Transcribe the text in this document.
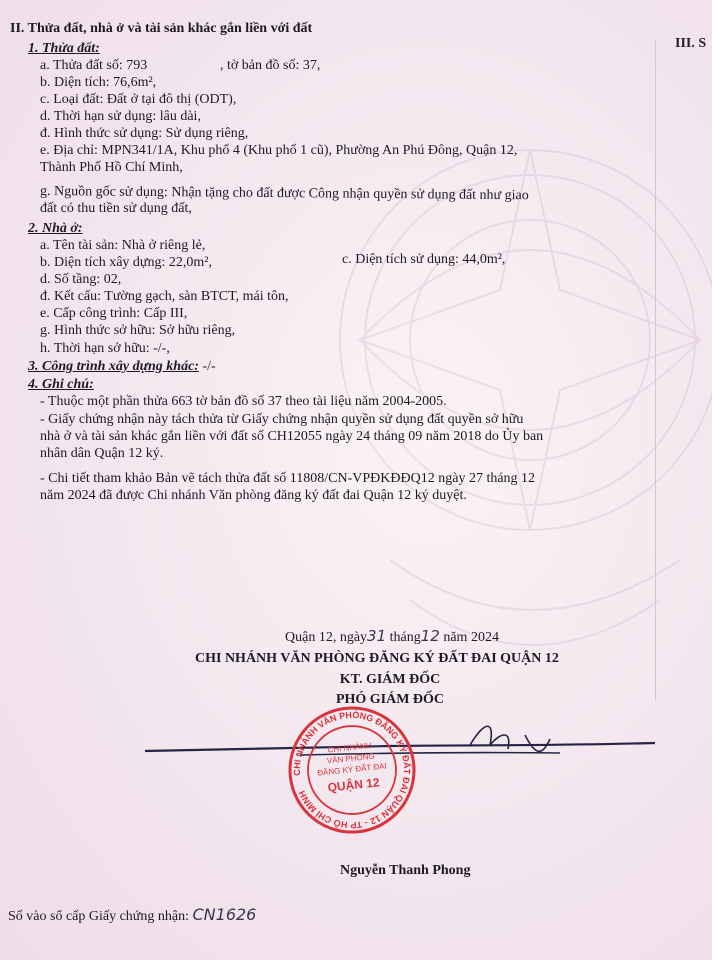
II. Thửa đất, nhà ở và tài sản khác gắn liền với đất
III. S
1. Thửa đất:
a. Thửa đất số: 793	, tờ bản đồ số: 37,
b. Diện tích: 76,6m²,
c. Loại đất: Đất ở tại đô thị (ODT),
d. Thời hạn sử dụng: lâu dài,
đ. Hình thức sử dụng: Sử dụng riêng,
e. Địa chỉ: MPN341/1A, Khu phố 4 (Khu phố 1 cũ), Phường An Phú Đông, Quận 12,
Thành Phố Hồ Chí Minh,
g. Nguồn gốc sử dụng: Nhận tặng cho đất được Công nhận quyền sử dụng đất như giao
đất có thu tiền sử dụng đất,
2. Nhà ở:
a. Tên tài sản: Nhà ở riêng lẻ,
b. Diện tích xây dựng: 22,0m²,	c. Diện tích sử dụng: 44,0m²,
d. Số tầng: 02,
đ. Kết cấu: Tường gạch, sàn BTCT, mái tôn,
e. Cấp công trình: Cấp III,
g. Hình thức sở hữu: Sở hữu riêng,
h. Thời hạn sở hữu: -/-,
3. Công trình xây dựng khác: -/-
4. Ghi chú:
- Thuộc một phần thửa 663 tờ bản đồ số 37 theo tài liệu năm 2004-2005.
- Giấy chứng nhận này tách thửa từ Giấy chứng nhận quyền sử dụng đất quyền sở hữu
nhà ở và tài sản khác gắn liền với đất số CH12055 ngày 24 tháng 09 năm 2018 do Ủy ban
nhân dân Quận 12 ký.
- Chi tiết tham khảo Bản vẽ tách thửa đất số 11808/CN-VPĐKĐĐQ12 ngày 27 tháng 12
năm 2024 đã được Chi nhánh Văn phòng đăng ký đất đai Quận 12 ký duyệt.
Quận 12, ngày31 tháng12 năm 2024
CHI NHÁNH VĂN PHÒNG ĐĂNG KÝ ĐẤT ĐAI QUẬN 12
KT. GIÁM ĐỐC
PHÓ GIÁM ĐỐC
CHI NHÁNH VĂN PHÒNG ĐĂNG KÝ ĐẤT ĐAI QUẬN 12 - TP HỒ CHÍ MINH
CHI NHÁNH
VĂN PHÒNG
ĐĂNG KÝ ĐẤT ĐAI
QUẬN 12
Nguyễn Thanh Phong
Số vào sổ cấp Giấy chứng nhận: CN1626
